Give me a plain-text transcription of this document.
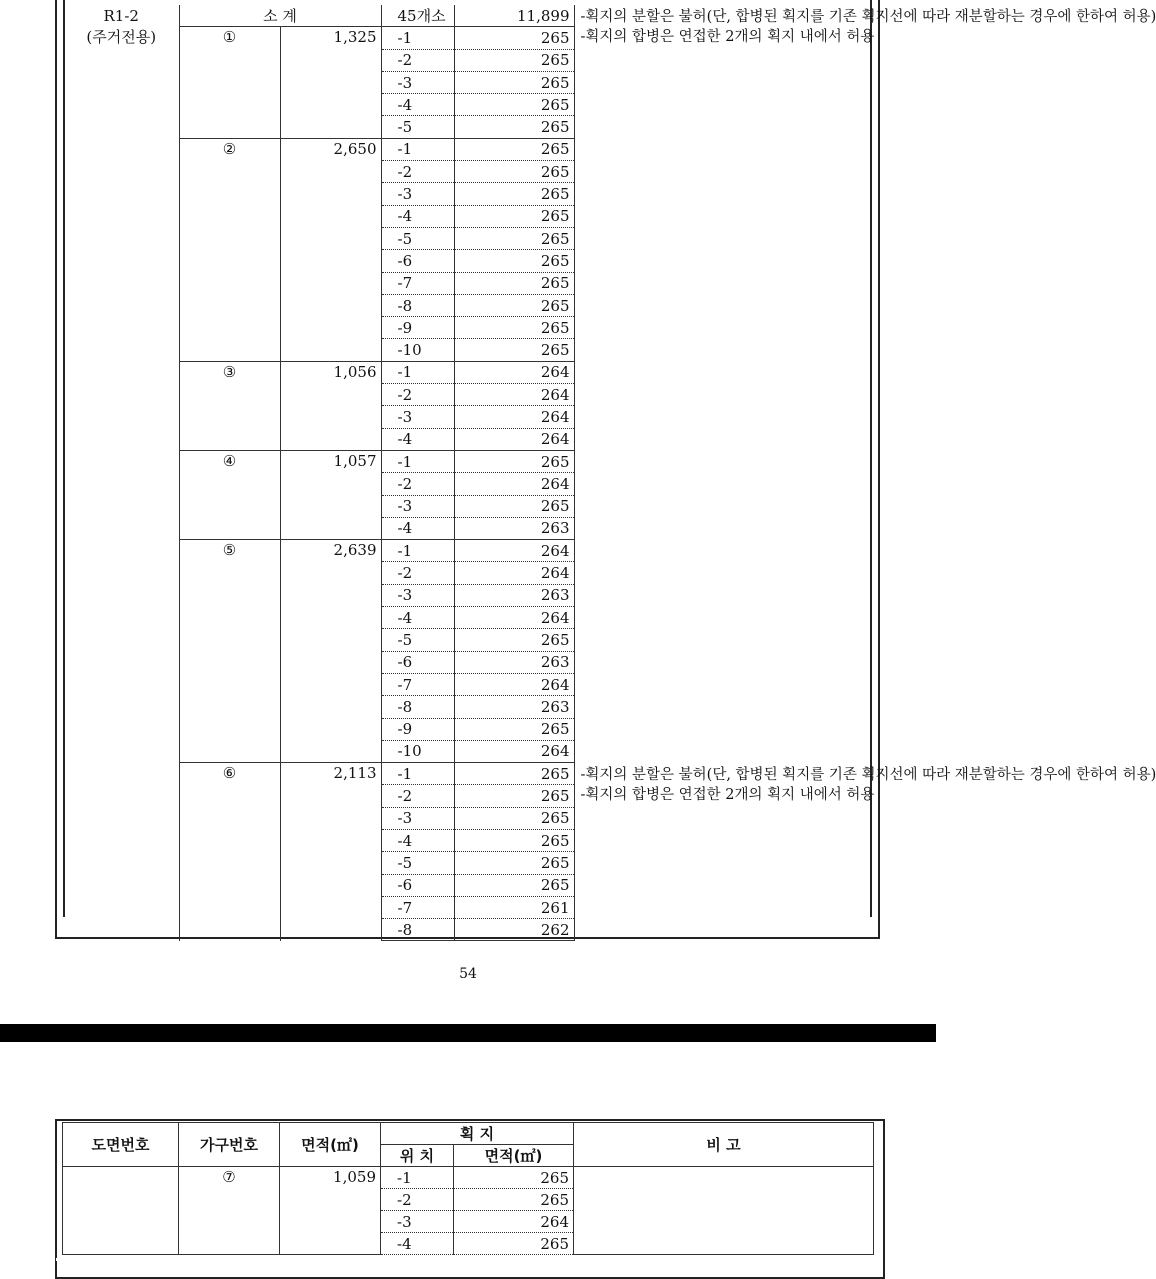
R1-2	소 계		45개소	11,899	-획지의 분할은 불허(단, 합병된 획지를 기존 획지선에 따라 재분할하는 경우에 한하여 허용)
-획지의 합병은 연접한 2개의 획지 내에서 허용

(주거전용)	①	1,325	-1	265	
			-2	265	
			-3	265	
			-4	265	
			-5	265	
	②	2,650	-1	265	
			-2	265	
			-3	265	
			-4	265	
			-5	265	
			-6	265	
			-7	265	
			-8	265	
			-9	265	
			-10	265	
	③	1,056	-1	264	
			-2	264	
			-3	264	
			-4	264	
	④	1,057	-1	265	
			-2	264	
			-3	265	
			-4	263	
	⑤	2,639	-1	264	
			-2	264	
			-3	263	
			-4	264	
			-5	265	
			-6	263	
			-7	264	
			-8	263	
			-9	265	
			-10	264	
	⑥	2,113	-1	265	-획지의 분할은 불허(단, 합병된 획지를 기존 획지선에 따라 재분할하는 경우에 한하여 허용)
-획지의 합병은 연접한 2개의 획지 내에서 허용

			-2	265	
			-3	265	
			-4	265	
			-5	265	
			-6	265	
			-7	261	
			-8	262	
54
도면번호	가구번호	면적(㎡)	획 지		비 고
			위 치	면적(㎡)	
	⑦	1,059	-1	265	
			-2	265	
			-3	264	
			-4	265	
